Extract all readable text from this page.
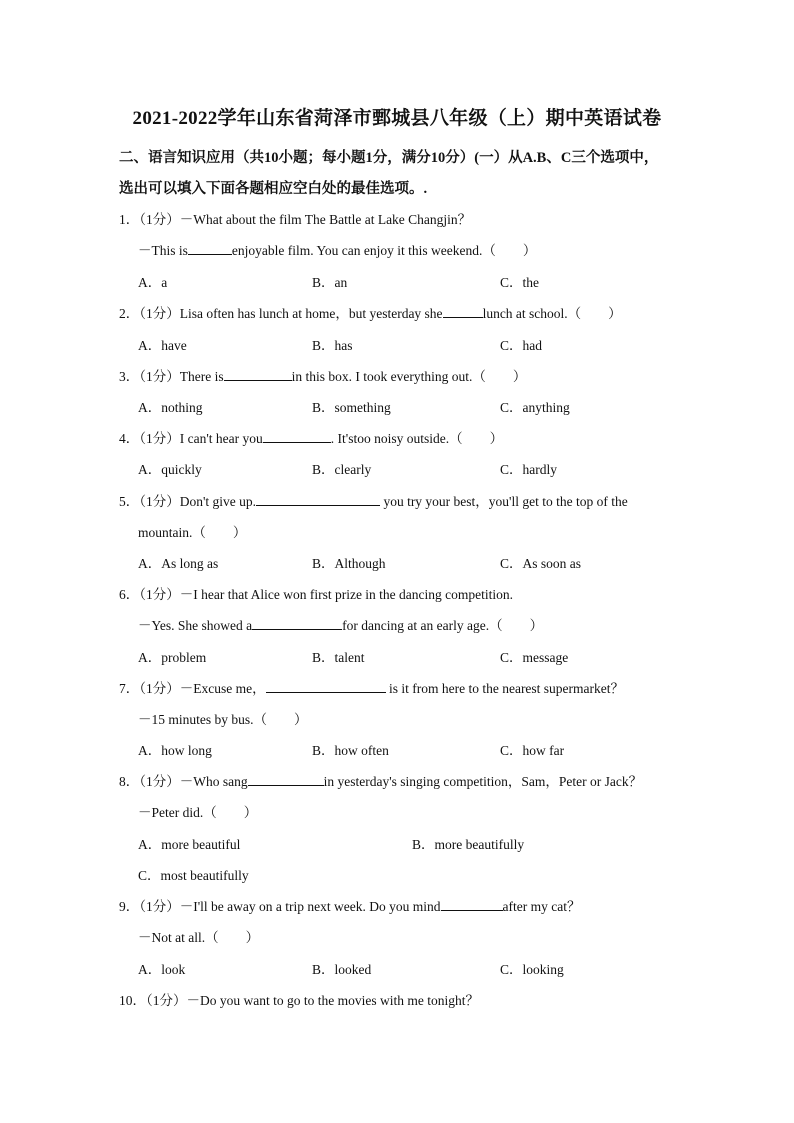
2021-2022学年山东省菏泽市鄄城县八年级（上）期中英语试卷
二、语言知识应用（共10小题；每小题1分，满分10分）(一）从A.B、C三个选项中，
选出可以填入下面各题相应空白处的最佳选项。.
1．（1分）－What about the film The Battle at Lake Changjin？
－This is	enjoyable film. You can enjoy it this weekend.（　　）
A．a	B．an	C．the
2．（1分）Lisa often has lunch at home，but yesterday she	lunch at school.（　　）
A．have	B．has	C．had
3．（1分）There is	in this box. I took everything out.（　　）
A．nothing	B．something	C．anything
4．（1分）I can't hear you	. It'stoo noisy outside.（　　）
A．quickly	B．clearly	C．hardly
5．（1分）Don't give up.	you try your best，you'll get to the top of the
mountain.（　　）
A．As long as	B．Although	C．As soon as
6．（1分）－I hear that Alice won first prize in the dancing competition.
－Yes. She showed a	for dancing at an early age.（　　）
A．problem	B．talent	C．message
7．（1分）－Excuse me，	is it from here to the nearest supermarket？
－15 minutes by bus.（　　）
A．how long	B．how often	C．how far
8．（1分）－Who sang	in yesterday's singing competition，Sam，Peter or Jack？
－Peter did.（　　）
A．more beautiful	B．more beautifully
C．most beautifully
9．（1分）－I'll be away on a trip next week. Do you mind	after my cat？
－Not at all.（　　）
A．look	B．looked	C．looking
10．（1分）－Do you want to go to the movies with me tonight？
